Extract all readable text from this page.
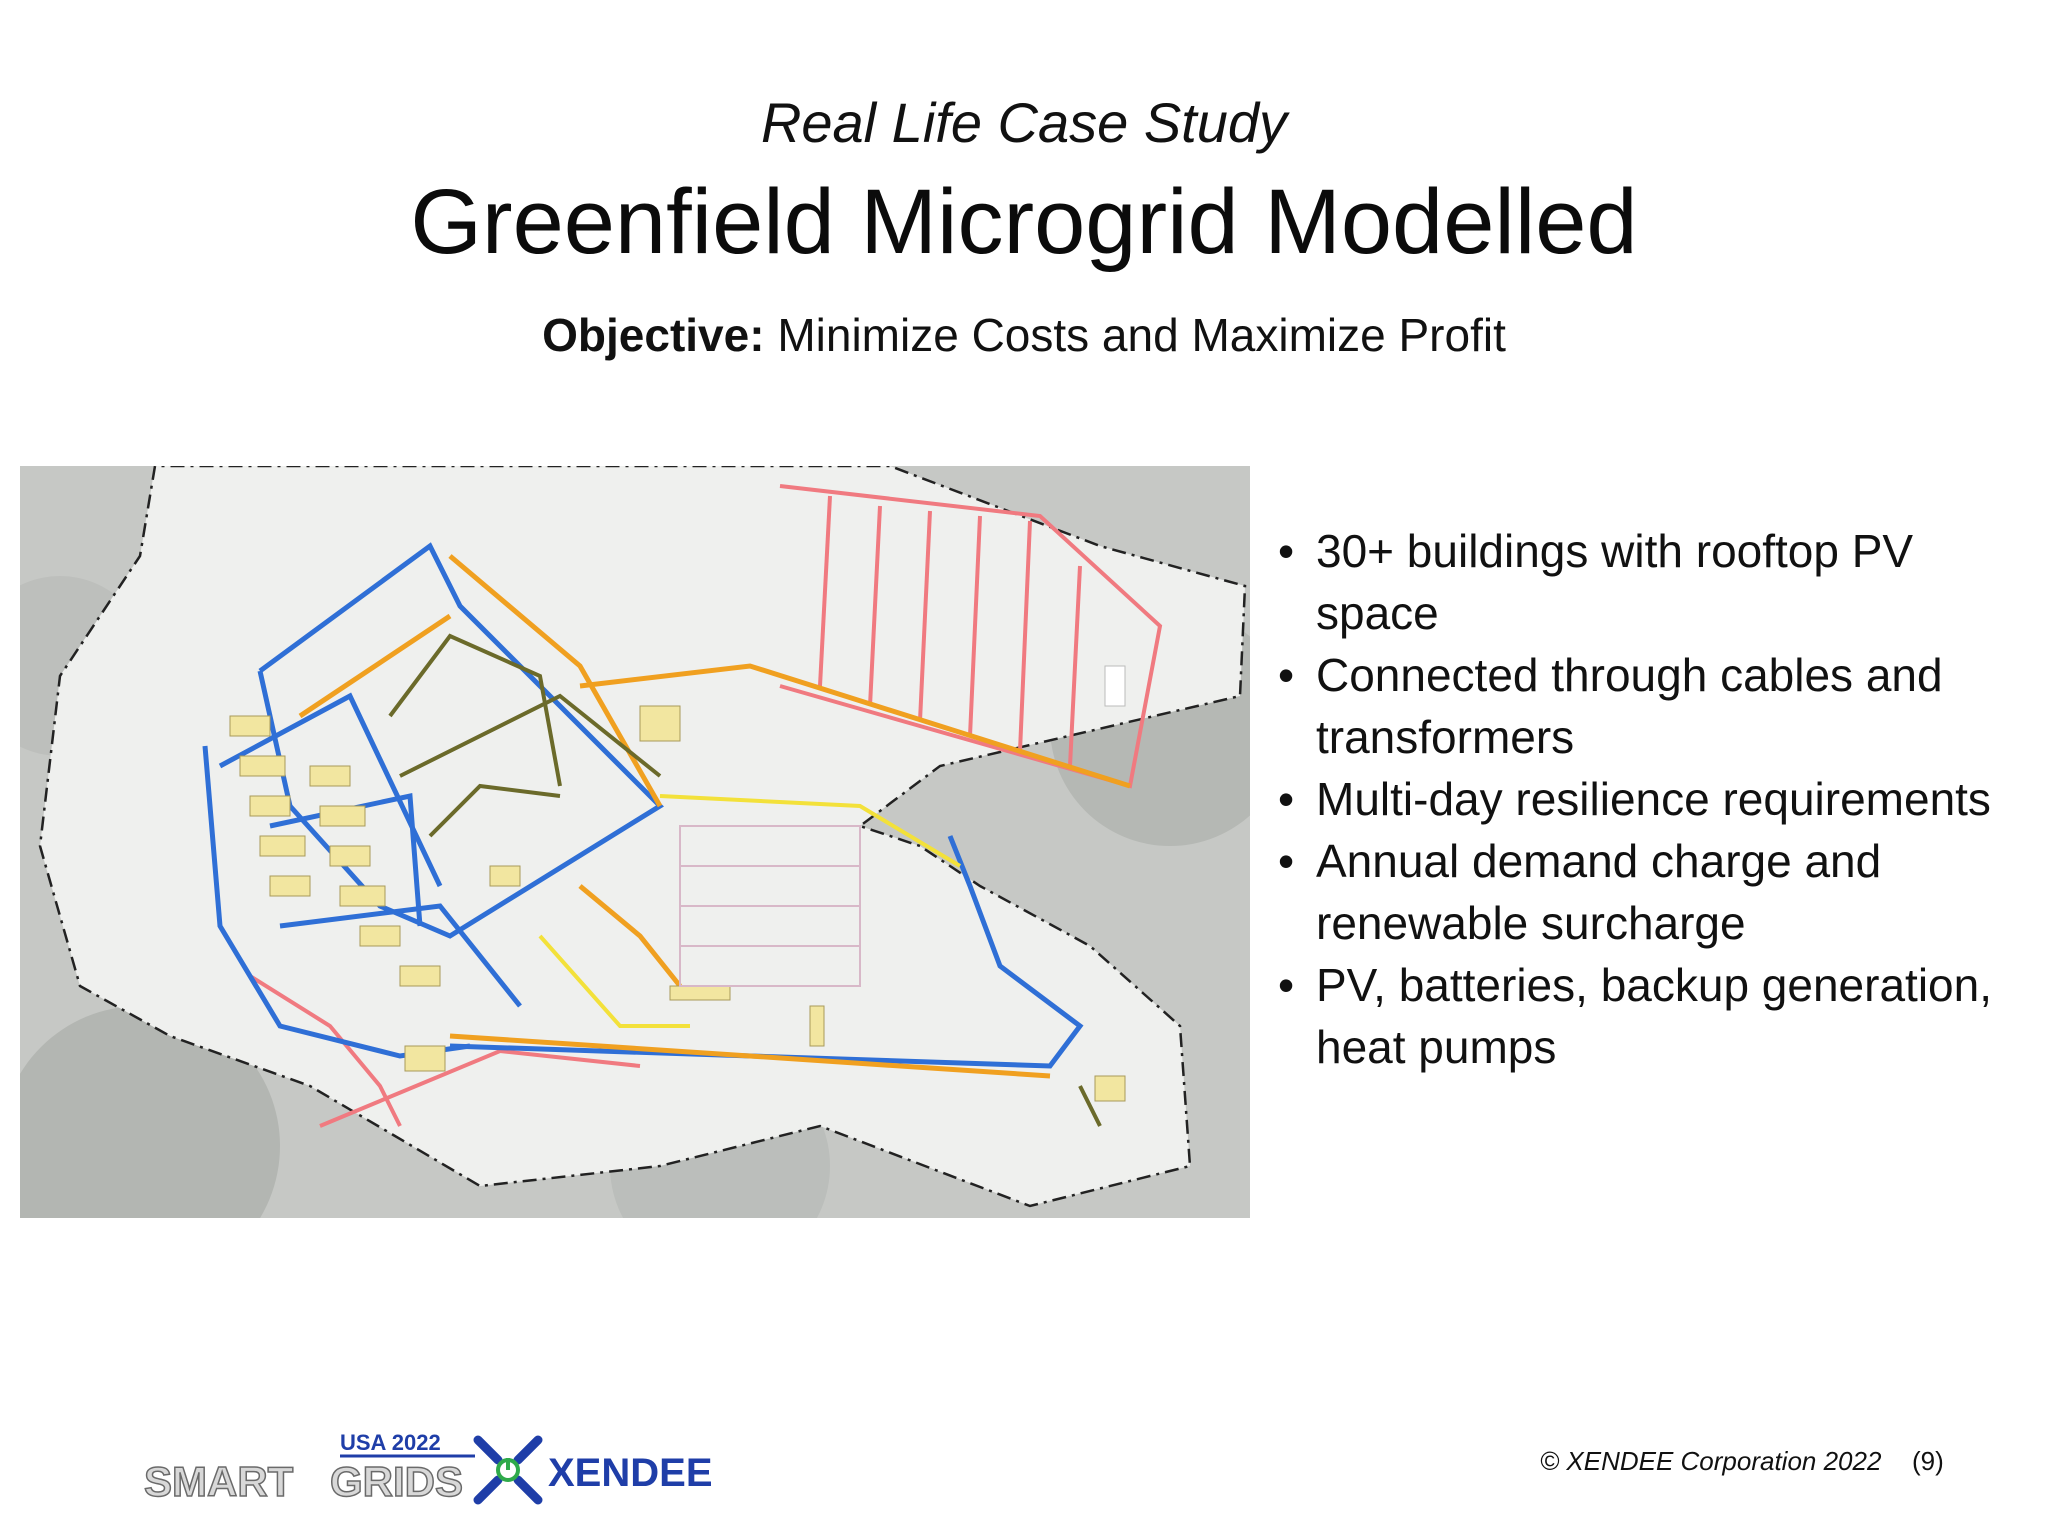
Real Life Case Study
Greenfield Microgrid Modelled
Objective: Minimize Costs and Maximize Profit
• 30+ buildings with rooftop PV space
• Connected through cables and transformers
• Multi-day resilience requirements
• Annual demand charge and renewable surcharge
• PV, batteries, backup generation, heat pumps
USA 2022
SMART GRIDS XENDEE	© XENDEE Corporation 2022 (9)
